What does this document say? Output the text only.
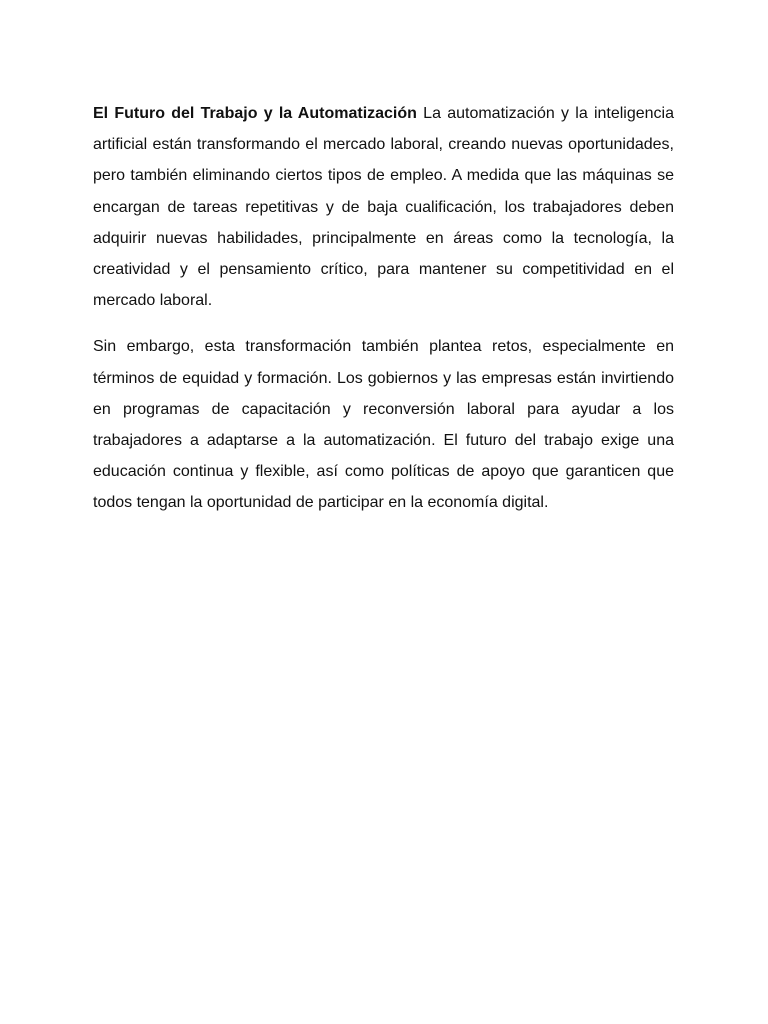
El Futuro del Trabajo y la Automatización La automatización y la inteligencia artificial están transformando el mercado laboral, creando nuevas oportunidades, pero también eliminando ciertos tipos de empleo. A medida que las máquinas se encargan de tareas repetitivas y de baja cualificación, los trabajadores deben adquirir nuevas habilidades, principalmente en áreas como la tecnología, la creatividad y el pensamiento crítico, para mantener su competitividad en el mercado laboral.

Sin embargo, esta transformación también plantea retos, especialmente en términos de equidad y formación. Los gobiernos y las empresas están invirtiendo en programas de capacitación y reconversión laboral para ayudar a los trabajadores a adaptarse a la automatización. El futuro del trabajo exige una educación continua y flexible, así como políticas de apoyo que garanticen que todos tengan la oportunidad de participar en la economía digital.
